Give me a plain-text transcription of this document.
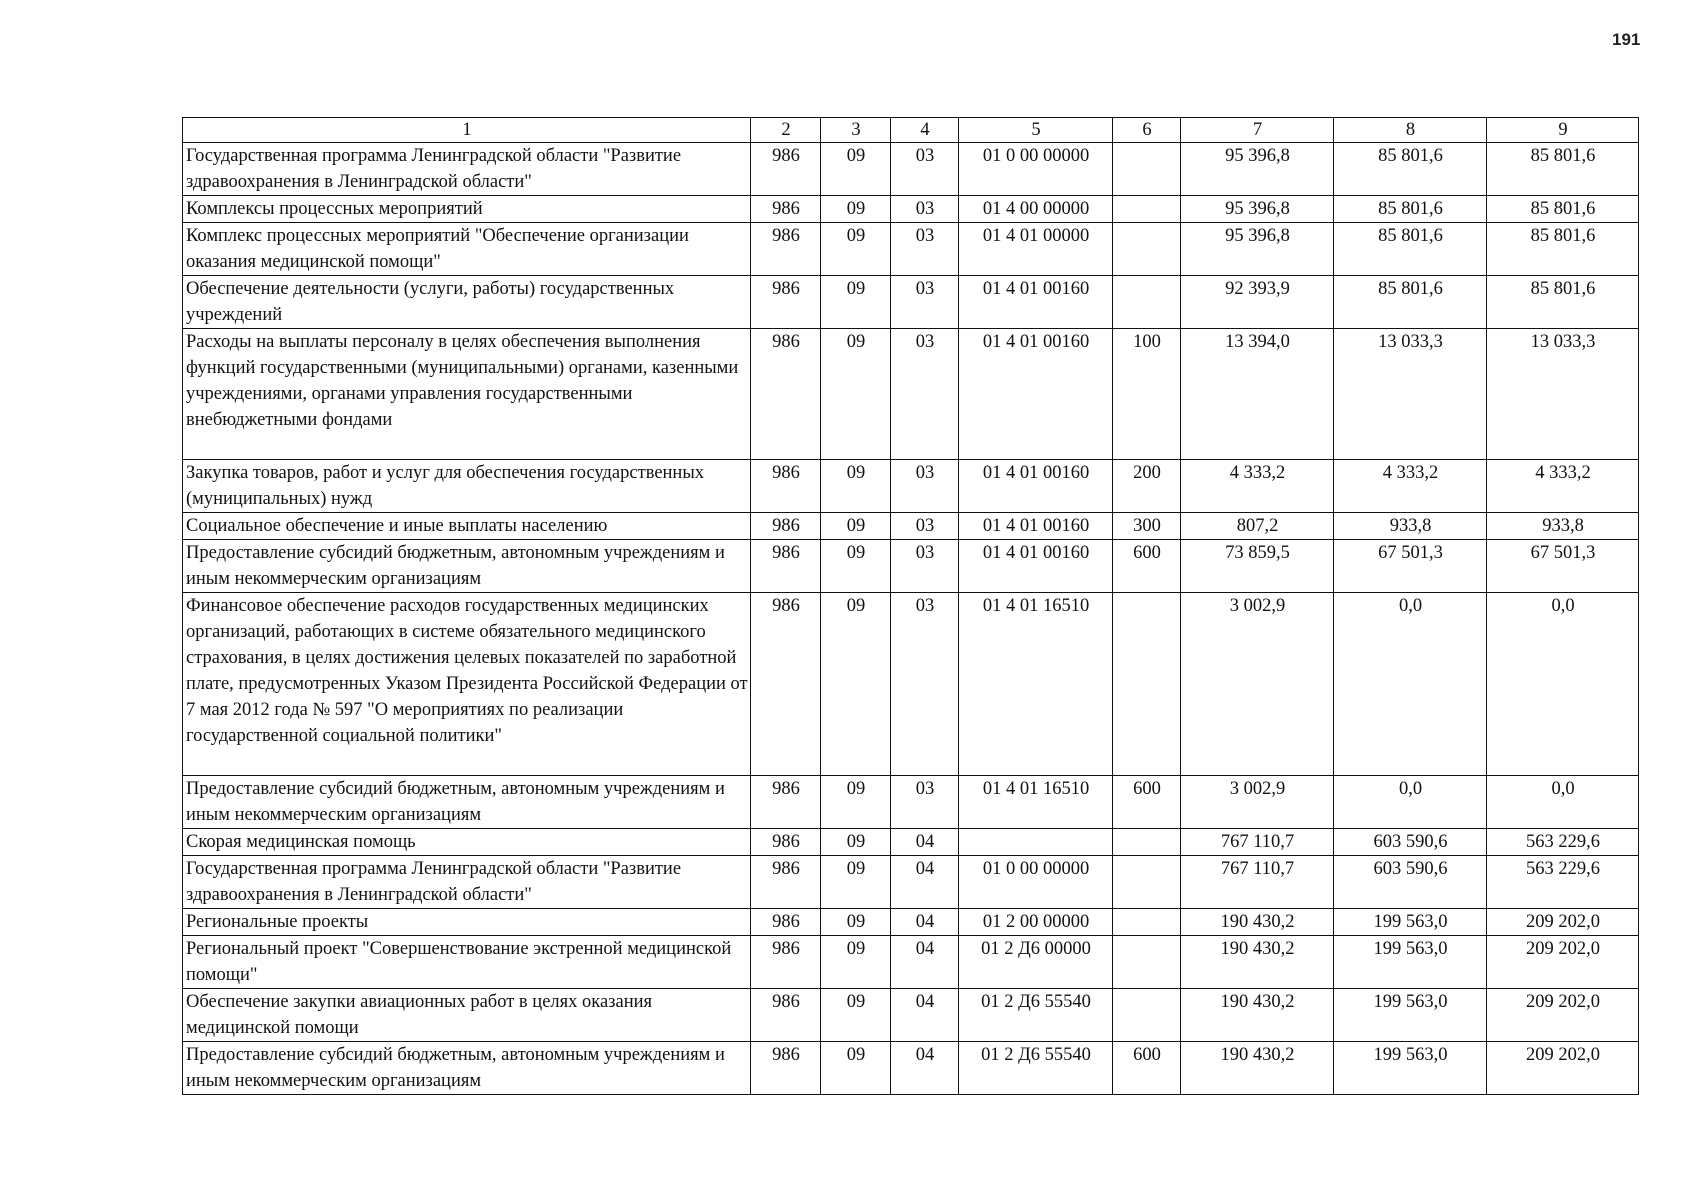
191
1	2	3	4	5	6	7	8	9
Государственная программа Ленинградской области "Развитие здравоохранения в Ленинградской области"	986	09	03	01 0 00 00000		95 396,8	85 801,6	85 801,6
Комплексы процессных мероприятий	986	09	03	01 4 00 00000		95 396,8	85 801,6	85 801,6
Комплекс процессных мероприятий "Обеспечение организации оказания медицинской помощи"	986	09	03	01 4 01 00000		95 396,8	85 801,6	85 801,6
Обеспечение деятельности (услуги, работы) государственных учреждений	986	09	03	01 4 01 00160		92 393,9	85 801,6	85 801,6
Расходы на выплаты персоналу в целях обеспечения выполнения функций государственными (муниципальными) органами, казенными учреждениями, органами управления государственными внебюджетными фондами	986	09	03	01 4 01 00160	100	13 394,0	13 033,3	13 033,3
Закупка товаров, работ и услуг для обеспечения государственных (муниципальных) нужд	986	09	03	01 4 01 00160	200	4 333,2	4 333,2	4 333,2
Социальное обеспечение и иные выплаты населению	986	09	03	01 4 01 00160	300	807,2	933,8	933,8
Предоставление субсидий бюджетным, автономным учреждениям и иным некоммерческим организациям	986	09	03	01 4 01 00160	600	73 859,5	67 501,3	67 501,3
Финансовое обеспечение расходов государственных медицинских организаций, работающих в системе обязательного медицинского страхования, в целях достижения целевых показателей по заработной плате, предусмотренных Указом Президента Российской Федерации от 7 мая 2012 года № 597 "О мероприятиях по реализации государственной социальной политики"	986	09	03	01 4 01 16510		3 002,9	0,0	0,0
Предоставление субсидий бюджетным, автономным учреждениям и иным некоммерческим организациям	986	09	03	01 4 01 16510	600	3 002,9	0,0	0,0
Скорая медицинская помощь	986	09	04			767 110,7	603 590,6	563 229,6
Государственная программа Ленинградской области "Развитие здравоохранения в Ленинградской области"	986	09	04	01 0 00 00000		767 110,7	603 590,6	563 229,6
Региональные проекты	986	09	04	01 2 00 00000		190 430,2	199 563,0	209 202,0
Региональный проект "Совершенствование экстренной медицинской помощи"	986	09	04	01 2 Д6 00000		190 430,2	199 563,0	209 202,0
Обеспечение закупки авиационных работ в целях оказания медицинской помощи	986	09	04	01 2 Д6 55540		190 430,2	199 563,0	209 202,0
Предоставление субсидий бюджетным, автономным учреждениям и иным некоммерческим организациям	986	09	04	01 2 Д6 55540	600	190 430,2	199 563,0	209 202,0
